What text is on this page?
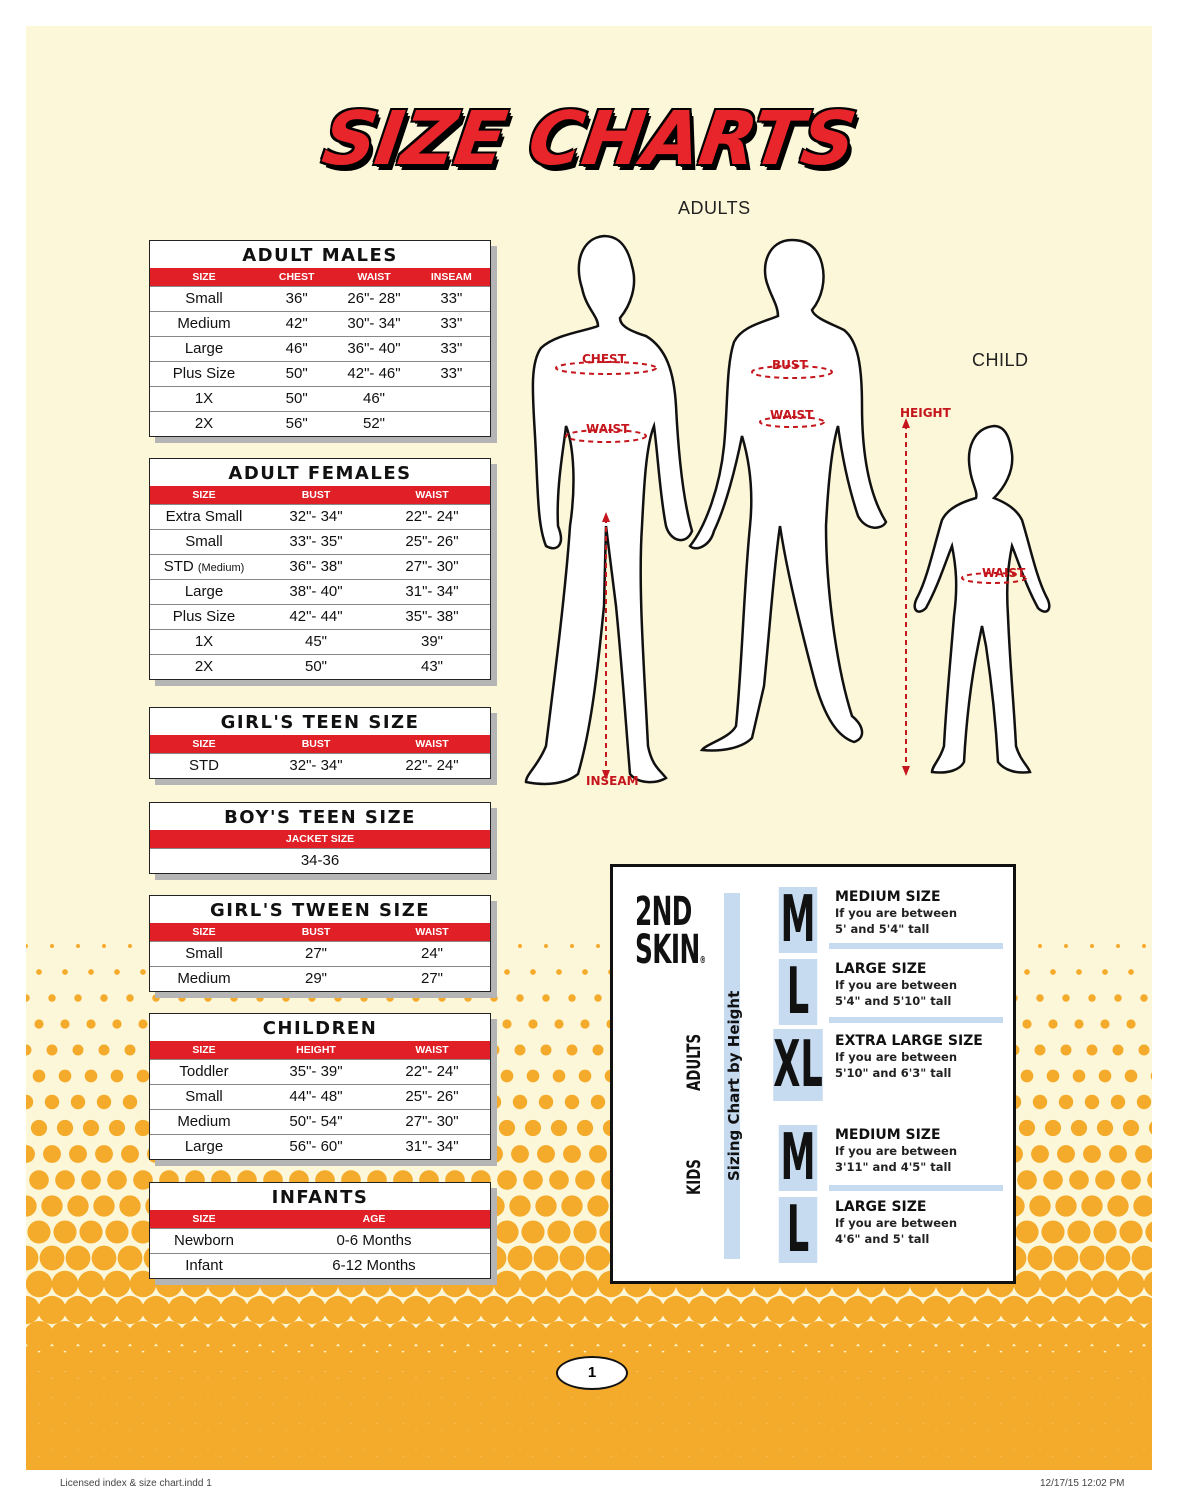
SIZE CHARTS
ADULTS
CHILD
CHEST
WAIST
BUST
WAIST
WAIST
HEIGHT
INSEAM
ADULT MALES
SIZE	CHEST	WAIST	INSEAM
Small	36"	26"- 28"	33"
Medium	42"	30"- 34"	33"
Large	46"	36"- 40"	33"
Plus Size	50"	42"- 46"	33"
1X	50"	46"
2X	56"	52"
ADULT FEMALES
SIZE	BUST	WAIST
Extra Small	32"- 34"	22"- 24"
Small	33"- 35"	25"- 26"
STD (Medium)	36"- 38"	27"- 30"
Large	38"- 40"	31"- 34"
Plus Size	42"- 44"	35"- 38"
1X	45"	39"
2X	50"	43"
GIRL'S TEEN SIZE
SIZE	BUST	WAIST
STD	32"- 34"	22"- 24"
BOY'S TEEN SIZE
JACKET SIZE
34-36
GIRL'S TWEEN SIZE
SIZE	BUST	WAIST
Small	27"	24"
Medium	29"	27"
CHILDREN
SIZE	HEIGHT	WAIST
Toddler	35"- 39"	22"- 24"
Small	44"- 48"	25"- 26"
Medium	50"- 54"	27"- 30"
Large	56"- 60"	31"- 34"
INFANTS
SIZE	AGE
Newborn	0-6 Months
Infant	6-12 Months
2ND
SKIN®
ADULTS
KIDS Sizing Chart by Height
M
L
XL
M
L
MEDIUM SIZE
If you are between
5' and 5'4" tall
LARGE SIZE
If you are between
5'4" and 5'10" tall
EXTRA LARGE SIZE
If you are between
5'10" and 6'3" tall
MEDIUM SIZE
If you are between
3'11" and 4'5" tall
LARGE SIZE
If you are between
4'6" and 5' tall
1
Licensed index & size chart.indd 1	12/17/15 12:02 PM
